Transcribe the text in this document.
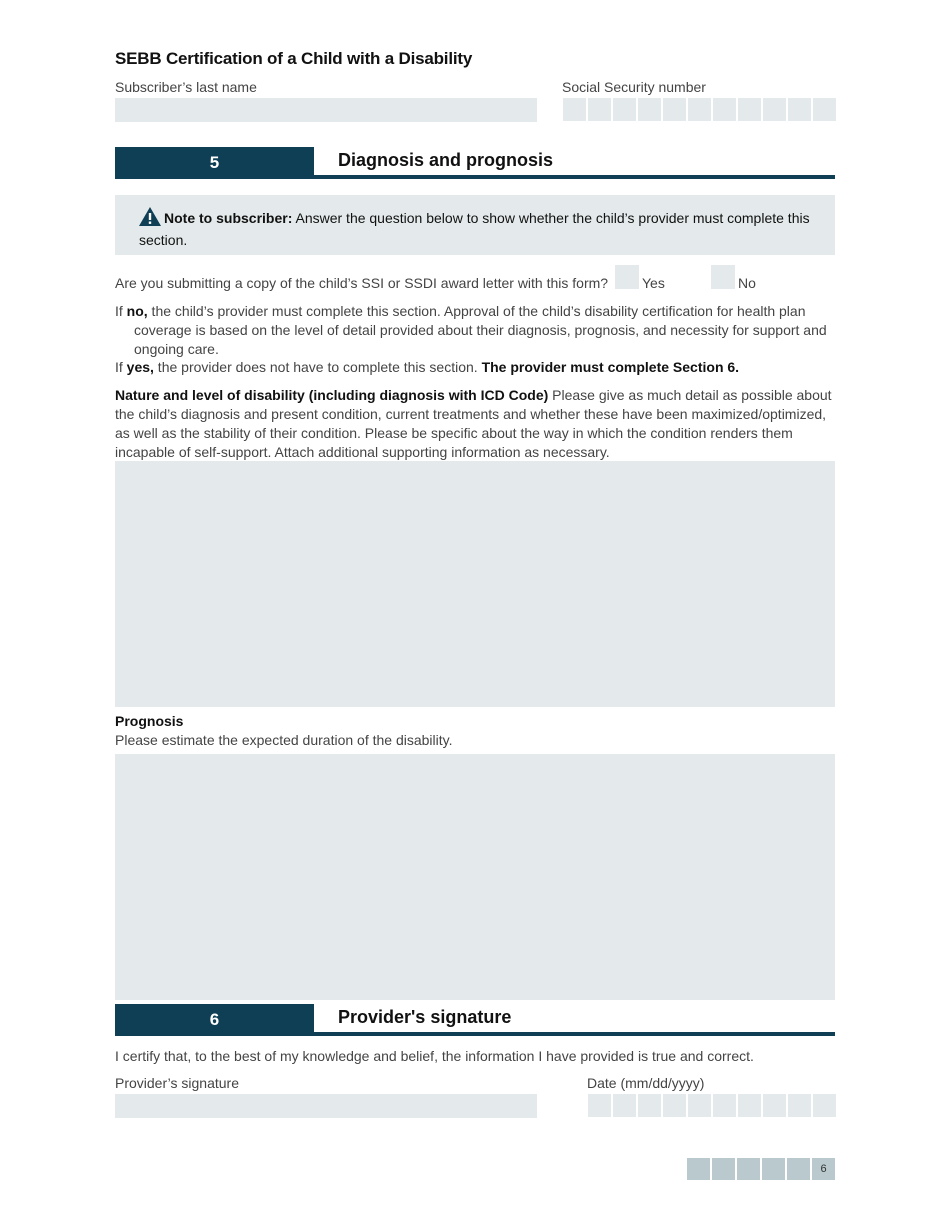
SEBB Certification of a Child with a Disability
Subscriber’s last name	Social Security number
5	Diagnosis and prognosis
Note to subscriber: Answer the question below to show whether the child’s provider must complete this section.
Are you submitting a copy of the child’s SSI or SSDI award letter with this form? Yes	No
If no, the child’s provider must complete this section. Approval of the child’s disability certification for health plan coverage is based on the level of detail provided about their diagnosis, prognosis, and necessity for support and ongoing care.
If yes, the provider does not have to complete this section. The provider must complete Section 6.
Nature and level of disability (including diagnosis with ICD Code) Please give as much detail as possible about the child’s diagnosis and present condition, current treatments and whether these have been maximized/optimized, as well as the stability of their condition. Please be specific about the way in which the condition renders them incapable of self-support. Attach additional supporting information as necessary.
Prognosis
Please estimate the expected duration of the disability.
6	Provider's signature
I certify that, to the best of my knowledge and belief, the information I have provided is true and correct.
Provider’s signature	Date (mm/dd/yyyy)
6
